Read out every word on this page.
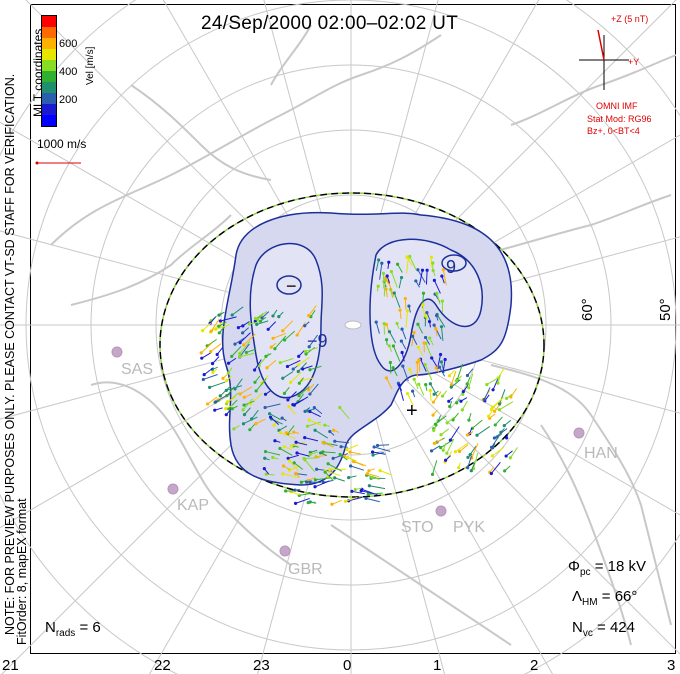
24/Sep/2000 02:00–02:02 UT
600
400
200
Vel [m/s]
MLT coordinates
NOTE: FOR PREVIEW PURPOSES ONLY. PLEASE CONTACT VT-SD STAFF FOR VERIFICATION.
FitOrder: 8, mapEX format
1000 m/s
+Z (5 nT)
+Y
OMNI IMF
Stat Mod: RG96
Bz+, 0<BT<4
60°	50°
SAS
KAP
GBR
STO PYK
HAN
−
9
−9
+
$\Phi_{pc} = 18$ kV
$\Lambda_{HM} = 66^\circ$
$N_{vc} = 424$
$N_{rads} = 6$
21	22	23	0	1	2	3
